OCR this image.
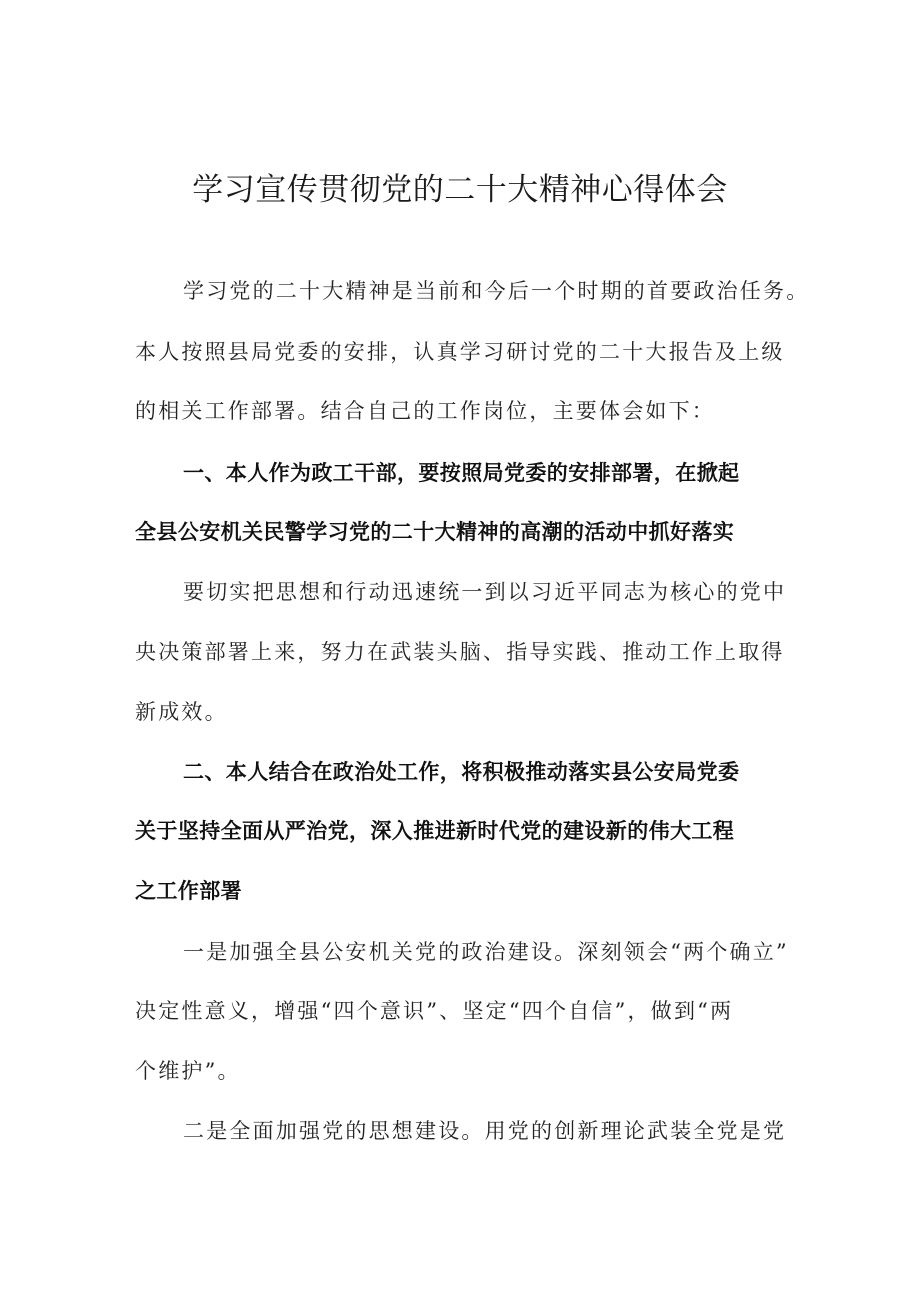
学习宣传贯彻党的二十大精神心得体会
学习党的二十大精神是当前和今后一个时期的首要政治任务。
本人按照县局党委的安排，认真学习研讨党的二十大报告及上级
的相关工作部署。结合自己的工作岗位，主要体会如下：
一、本人作为政工干部，要按照局党委的安排部署，在掀起
全县公安机关民警学习党的二十大精神的高潮的活动中抓好落实
要切实把思想和行动迅速统一到以习近平同志为核心的党中
央决策部署上来，努力在武装头脑、指导实践、推动工作上取得
新成效。
二、本人结合在政治处工作，将积极推动落实县公安局党委
关于坚持全面从严治党，深入推进新时代党的建设新的伟大工程
之工作部署
一是加强全县公安机关党的政治建设。深刻领会“两个确立”
决定性意义，增强“四个意识”、坚定“四个自信”，做到“两
个维护”。
二是全面加强党的思想建设。用党的创新理论武装全党是党
